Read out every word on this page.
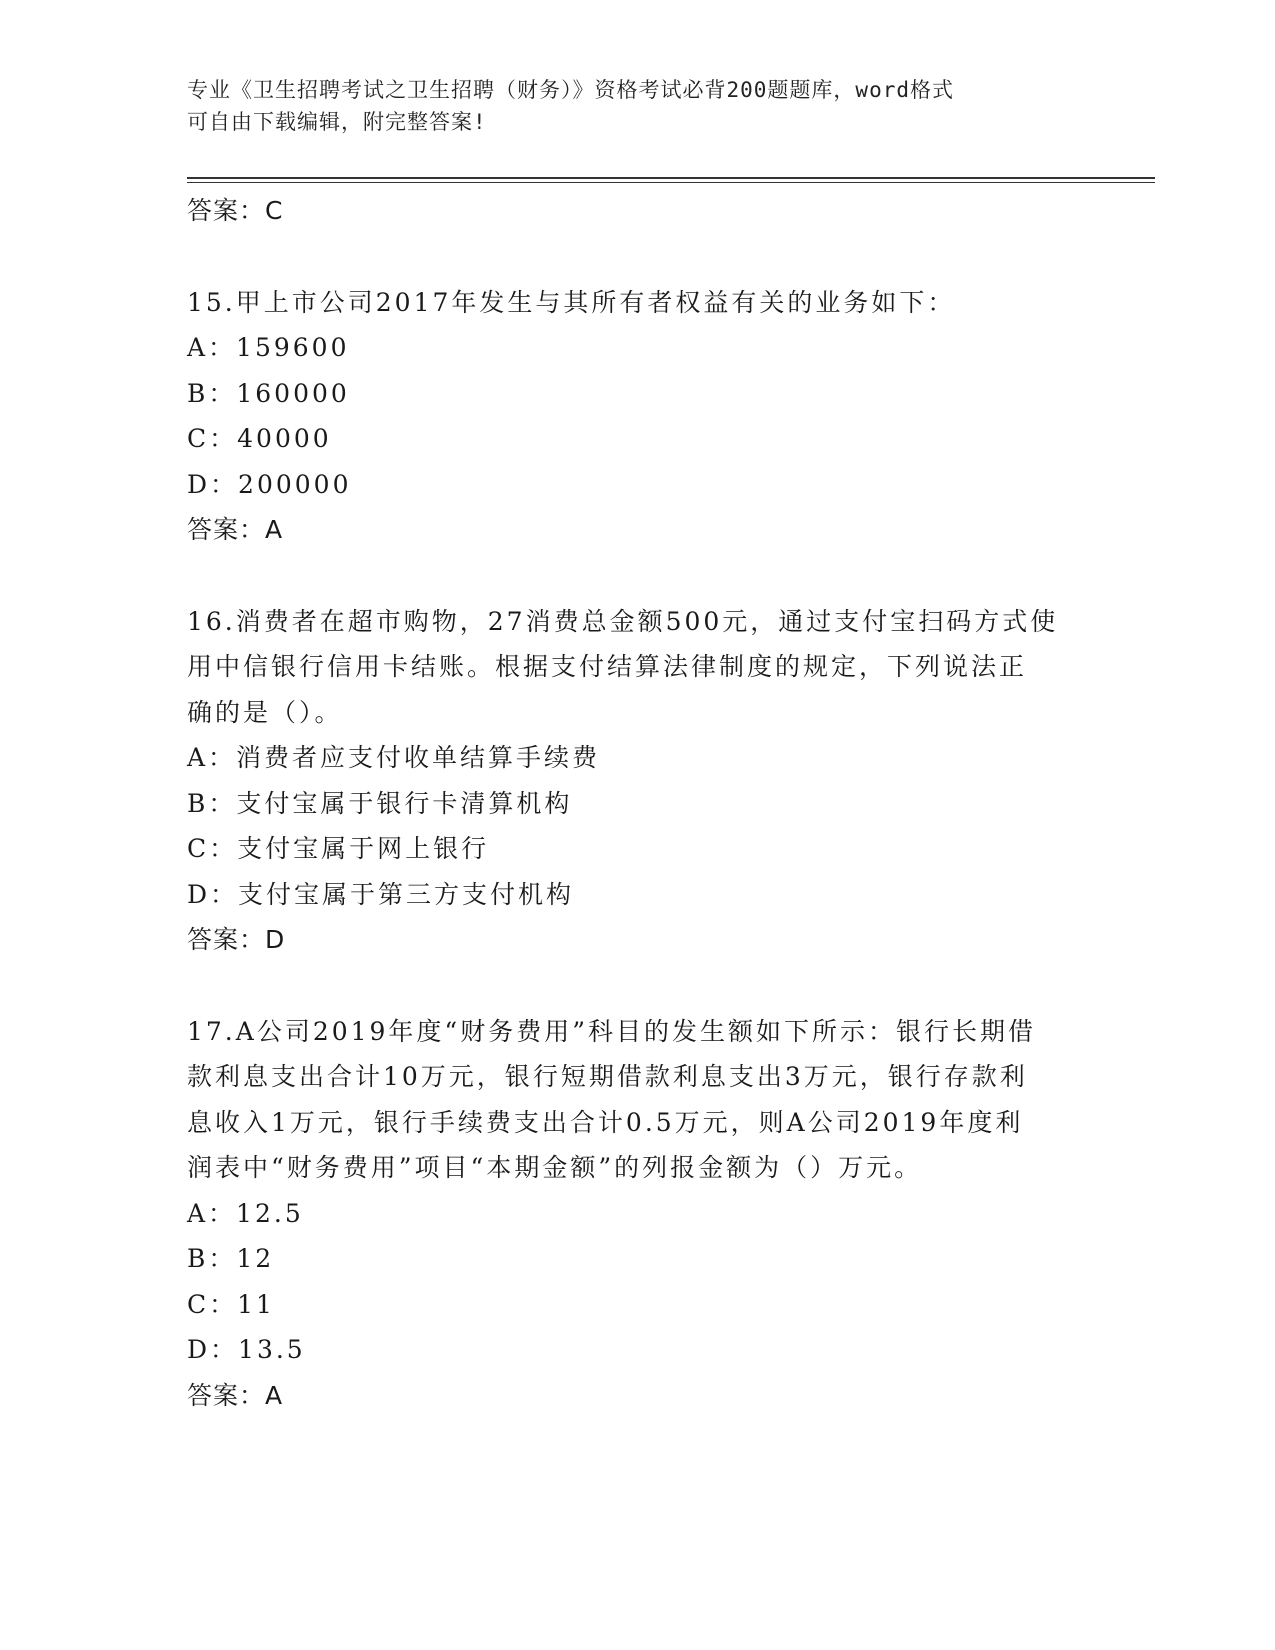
专业《卫生招聘考试之卫生招聘（财务）》资格考试必背200题题库，word格式
可自由下载编辑，附完整答案!
答案：C
15.甲上市公司2017年发生与其所有者权益有关的业务如下：
A：159600
B：160000
C：40000
D：200000
答案：A
16.消费者在超市购物，27消费总金额500元，通过支付宝扫码方式使
用中信银行信用卡结账。根据支付结算法律制度的规定，下列说法正
确的是（）。
A：消费者应支付收单结算手续费
B：支付宝属于银行卡清算机构
C：支付宝属于网上银行
D：支付宝属于第三方支付机构
答案：D
17.A公司2019年度“财务费用”科目的发生额如下所示：银行长期借
款利息支出合计10万元，银行短期借款利息支出3万元，银行存款利
息收入1万元，银行手续费支出合计0.5万元，则A公司2019年度利
润表中“财务费用”项目“本期金额”的列报金额为（）万元。
A：12.5
B：12
C：11
D：13.5
答案：A
